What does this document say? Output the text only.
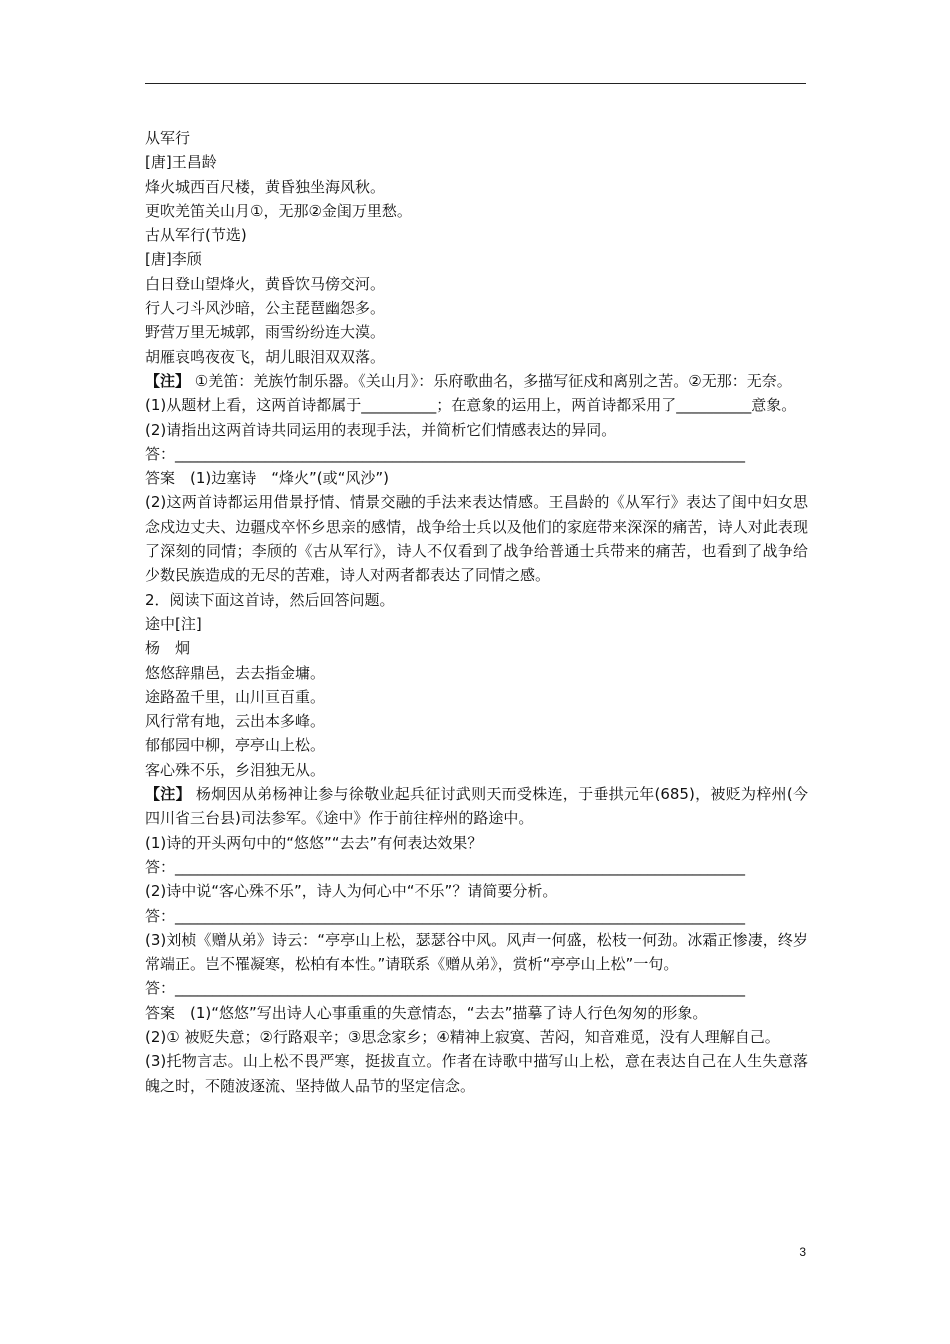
从军行
[唐]王昌龄
烽火城西百尺楼，黄昏独坐海风秋。
更吹羌笛关山月①，无那②金闺万里愁。
古从军行(节选)
[唐]李颀
白日登山望烽火，黄昏饮马傍交河。
行人刁斗风沙暗，公主琵琶幽怨多。
野营万里无城郭，雨雪纷纷连大漠。
胡雁哀鸣夜夜飞，胡儿眼泪双双落。
【注】 ①羌笛：羌族竹制乐器。《关山月》：乐府歌曲名，多描写征戍和离别之苦。②无那：无奈。
(1)从题材上看，这两首诗都属于__________；在意象的运用上，两首诗都采用了__________意象。
(2)请指出这两首诗共同运用的表现手法，并简析它们情感表达的异同。
答：____________________________________________________________________________
答案　(1)边塞诗　“烽火”(或“风沙”)
(2)这两首诗都运用借景抒情、情景交融的手法来表达情感。王昌龄的《从军行》表达了闺中妇女思念戍边丈夫、边疆戍卒怀乡思亲的感情，战争给士兵以及他们的家庭带来深深的痛苦，诗人对此表现了深刻的同情；李颀的《古从军行》，诗人不仅看到了战争给普通士兵带来的痛苦，也看到了战争给少数民族造成的无尽的苦难，诗人对两者都表达了同情之感。
2．阅读下面这首诗，然后回答问题。
途中[注]
杨　炯
悠悠辞鼎邑，去去指金墉。
途路盈千里，山川亘百重。
风行常有地，云出本多峰。
郁郁园中柳，亭亭山上松。
客心殊不乐，乡泪独无从。
【注】 杨炯因从弟杨神让参与徐敬业起兵征讨武则天而受株连，于垂拱元年(685)，被贬为梓州(今四川省三台县)司法参军。《途中》作于前往梓州的路途中。
(1)诗的开头两句中的“悠悠”“去去”有何表达效果？
答：____________________________________________________________________________
(2)诗中说“客心殊不乐”，诗人为何心中“不乐”？请简要分析。
答：____________________________________________________________________________
(3)刘桢《赠从弟》诗云：“亭亭山上松，瑟瑟谷中风。风声一何盛，松枝一何劲。冰霜正惨凄，终岁常端正。岂不罹凝寒，松柏有本性。”请联系《赠从弟》，赏析“亭亭山上松”一句。
答：____________________________________________________________________________
答案　(1)“悠悠”写出诗人心事重重的失意情态，“去去”描摹了诗人行色匆匆的形象。
(2)① 被贬失意；②行路艰辛；③思念家乡；④精神上寂寞、苦闷，知音难觅，没有人理解自己。
(3)托物言志。山上松不畏严寒，挺拔直立。作者在诗歌中描写山上松，意在表达自己在人生失意落魄之时，不随波逐流、坚持做人品节的坚定信念。
3
